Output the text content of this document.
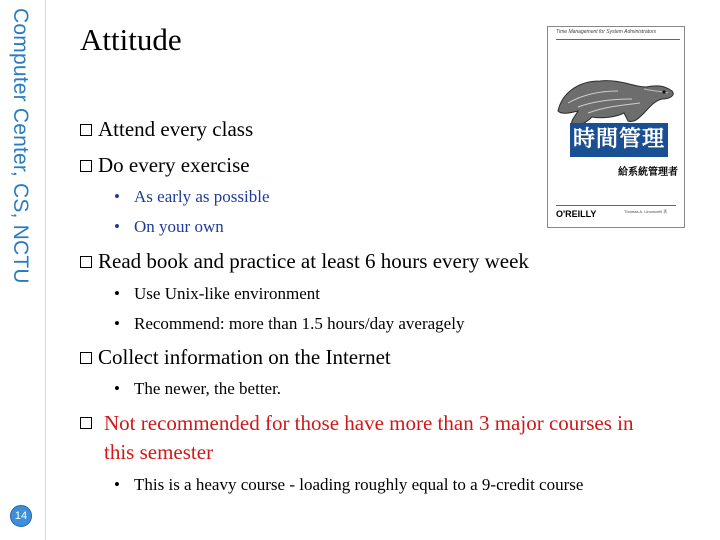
Computer Center, CS, NCTU Attitude	Time Management for System Administrators
時間管理
給系統管理者
O'REILLY	Thomas A. Limoncelli 著
Attend every class
Do every exercise
• As early as possible
• On your own
Read book and practice at least 6 hours every week
• Use Unix-like environment
• Recommend: more than 1.5 hours/day averagely
Collect information on the Internet
• The newer, the better.
Not recommended for those have more than 3 major courses in this semester
• This is a heavy course - loading roughly equal to a 9-credit course
14
